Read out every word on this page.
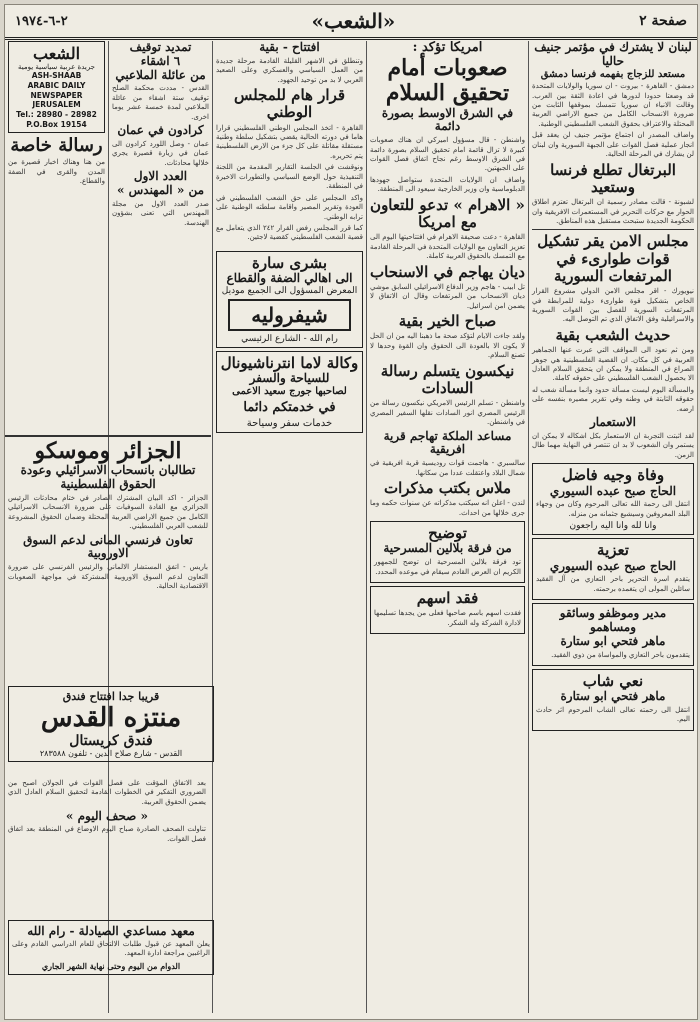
صفحة ٢
«الشعب»
٢-٦-١٩٧٤
لبنان لا يشترك في مؤتمر جنيف حاليا
مستعد للزجاج بفهمه فرنسا دمشق

دمشق - القاهرة - بيروت - ان سوريا والولايات المتحدة قد وضعتا حدودا لدورها في اعادة الثقة بين العرب. وقالت الانباء ان سوريا تتمسك بموقفها الثابت من ضرورة الانسحاب الكامل من جميع الاراضي العربية المحتلة والاعتراف بحقوق الشعب الفلسطيني الوطنية.

واضاف المصدر ان اجتماع مؤتمر جنيف لن يعقد قبل انجاز عملية فصل القوات على الجبهة السورية وان لبنان لن يشارك في المرحلة الحالية.

البرتغال تطلع فرنسا وستعيد

لشبونة - قالت مصادر رسمية ان البرتغال تعتزم اطلاق الحوار مع حركات التحرير في المستعمرات الافريقية وان الحكومة الجديدة ستبحث مستقبل هذه المناطق.

مجلس الامن يقر تشكيل قوات طوارىء في المرتفعات السورية

نيويورك - اقر مجلس الامن الدولي مشروع القرار الخاص بتشكيل قوة طوارىء دولية للمرابطة في المرتفعات السورية للفصل بين القوات السورية والاسرائيلية وفق الاتفاق الذي تم التوصل اليه.

حديث الشعب بقية

ومن ثم نعود الى المواقف التي عبرت عنها الجماهير العربية في كل مكان. ان القضية الفلسطينية هي جوهر الصراع في المنطقة ولا يمكن ان يتحقق السلام العادل الا بحصول الشعب الفلسطيني على حقوقه كاملة.

والمسألة اليوم ليست مسألة حدود وانما مسألة شعب له حقوقه الثابتة في وطنه وفي تقرير مصيره بنفسه على ارضه.

الاستعمار

لقد اثبتت التجربة ان الاستعمار بكل اشكاله لا يمكن ان يستمر وان الشعوب لا بد ان تنتصر في النهاية مهما طال الزمن.

وفاة وجيه فاضل
الحاج صبح عبده السيوري

انتقل الى رحمة الله تعالى المرحوم وكان من وجهاء البلد المعروفين وسيشيع جثمانه من منزله.

وانا لله وانا اليه راجعون
تعزية
الحاج صبح عبده السيوري

يتقدم اسرة التحرير باحر التعازي من آل الفقيد سائلين المولى ان يتغمده برحمته.

مدير وموظفو وسائقو ومساهمو
ماهر فتحي ابو ستارة

يتقدمون باحر التعازي والمواساة من ذوي الفقيد.

نعي شاب
ماهر فتحي ابو ستارة

انتقل الى رحمته تعالى الشاب المرحوم اثر حادث اليم.

أمريكا تؤكد :
صعوبات أمام تحقيق السلام
في الشرق الاوسط بصورة دائمة

واشنطن - قال مسؤول اميركي ان هناك صعوبات كبيرة لا تزال قائمة امام تحقيق السلام بصورة دائمة في الشرق الاوسط رغم نجاح اتفاق فصل القوات على الجبهتين.

واضاف ان الولايات المتحدة ستواصل جهودها الدبلوماسية وان وزير الخارجية سيعود الى المنطقة.

« الاهرام » تدعو للتعاون مع امريكا

القاهرة - دعت صحيفة الاهرام في افتتاحيتها اليوم الى تعزيز التعاون مع الولايات المتحدة في المرحلة القادمة مع التمسك بالحقوق العربية كاملة.

ديان يهاجم في الاسنحاب

تل ابيب - هاجم وزير الدفاع الاسرائيلي السابق موشي ديان الانسحاب من المرتفعات وقال ان الاتفاق لا يضمن امن اسرائيل.

صباح الخير بقية

ولقد جاءت الايام لتؤكد صحة ما ذهبنا اليه من ان الحل لا يكون الا بالعودة الى الحقوق وان القوة وحدها لا تصنع السلام.

نيكسون يتسلم رسالة السادات

واشنطن - تسلم الرئيس الامريكي نيكسون رسالة من الرئيس المصري انور السادات نقلها السفير المصري في واشنطن.

مساعد الملكة تهاجم قرية افريقية

سالسبري - هاجمت قوات روديسية قرية افريقية في شمال البلاد واعتقلت عددا من سكانها.

ملاس بكتب مذكرات

لندن - اعلن انه سيكتب مذكراته عن سنوات حكمه وما جرى خلالها من احداث.

توضيح
من فرقة بلالين المسرحية

تود فرقة بلالين المسرحية ان توضح للجمهور الكريم ان العرض القادم سيقام في موعده المحدد.

فقد اسهم

فقدت اسهم باسم صاحبها فعلى من يجدها تسليمها لادارة الشركة وله الشكر.

افتتاح - بقية

وتنطلق في الاشهر القليلة القادمة مرحلة جديدة من العمل السياسي والعسكري وعلى الصعيد العربي لا بد من توحيد الجهود.

قرار هام للمجلس الوطني

القاهرة - اتخذ المجلس الوطني الفلسطيني قرارا هاما في دورته الحالية يقضي بتشكيل سلطة وطنية مستقلة مقاتلة على كل جزء من الارض الفلسطينية يتم تحريره.

ونوقشت في الجلسة التقارير المقدمة من اللجنة التنفيذية حول الوضع السياسي والتطورات الاخيرة في المنطقة.

واكد المجلس على حق الشعب الفلسطيني في العودة وتقرير المصير واقامة سلطته الوطنية على ترابه الوطني.

كما قرر المجلس رفض القرار ٢٤٢ الذي يتعامل مع قضية الشعب الفلسطيني كقضية لاجئين.

بشرى سارة
الى اهالي الضفة والقطاع
المعرض المسؤول الى الجميع موديل
شيفروليه
رام الله - الشارع الرئيسي
وكالة لاما انترناشيونال
للسياحة والسفر
لصاحبها جورج سعيد الاعمى
في خدمتكم دائما
خدمات سفر وسياحة
تمديد توقيف
٦ اشقاء
من عائلة الملاعبي

القدس - مددت محكمة الصلح توقيف ستة اشقاء من عائلة الملاعبي لمدة خمسة عشر يوما اخرى.

كرادون في عمان

عمان - وصل اللورد كرادون الى عمان في زيارة قصيرة يجري خلالها محادثات.

العدد الاول
من « المهندس »

صدر العدد الاول من مجلة المهندس التي تعنى بشؤون الهندسة.

الشعب
جريدة عربية سياسية يومية
ASH-SHAAB
ARABIC DAILY NEWSPAPER
JERUSALEM
Tel.: 28980 - 28982
P.O.Box 19154
رسالة خاصة

من هنا وهناك اخبار قصيرة من المدن والقرى في الضفة والقطاع.

الجزائر وموسكو
تطالبان بانسحاب الاسرائيلي وعودة الحقوق الفلسطينية

الجزائر - اكد البيان المشترك الصادر في ختام محادثات الرئيس الجزائري مع القادة السوفيات على ضرورة الانسحاب الاسرائيلي الكامل من جميع الاراضي العربية المحتلة وضمان الحقوق المشروعة للشعب العربي الفلسطيني.

تعاون فرنسي المانى لدعم السوق الاوروبية

باريس - اتفق المستشار الالماني والرئيس الفرنسي على ضرورة التعاون لدعم السوق الاوروبية المشتركة في مواجهة الصعوبات الاقتصادية الحالية.

قريبا جدا افتتاح فندق
منتزه القدس
فندق كريستال
القدس - شارع صلاح الدين - تلفون ٢٨٣٥٨٨

بعد الاتفاق المؤقت على فصل القوات في الجولان اصبح من الضروري التفكير في الخطوات القادمة لتحقيق السلام العادل الذي يضمن الحقوق العربية.

« صحف اليوم »

تناولت الصحف الصادرة صباح اليوم الاوضاع في المنطقة بعد اتفاق فصل القوات.

معهد مساعدي الصيادلة - رام الله

يعلن المعهد عن قبول طلبات الالتحاق للعام الدراسي القادم وعلى الراغبين مراجعة ادارة المعهد.

الدوام من اليوم وحتى نهاية الشهر الجاري
